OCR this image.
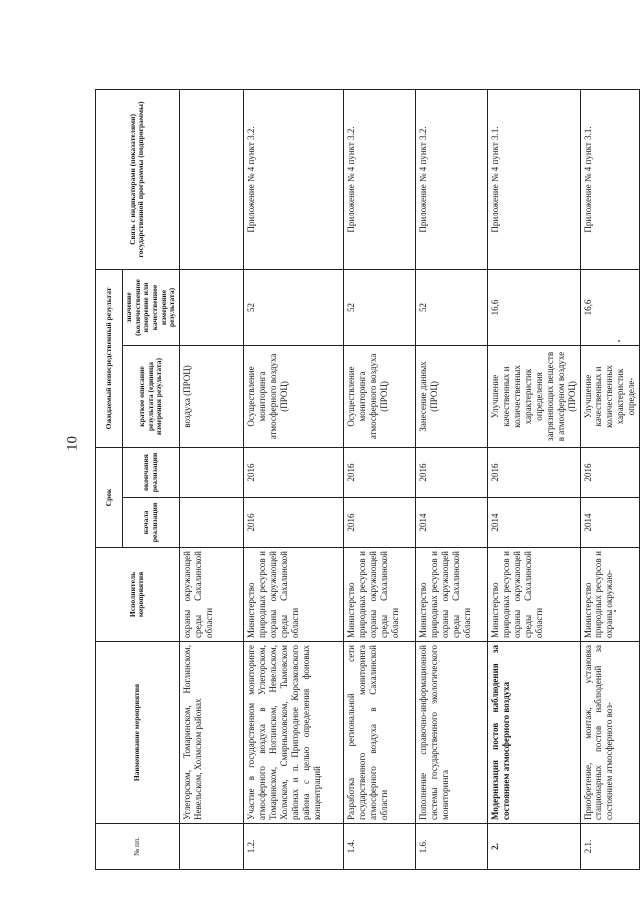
10
№ пп.	Наименование мероприятия	Исполнитель мероприятия	Срок		Ожидаемый непосредственный результат		Связь с индикаторами (показателями) государственной программы (подпрограммы)
			начала реализации	окончания реализации	краткое описание результата (единица измерения результата)	значение (количественное измерение или качественное измерение результата)	
	Углегорском, Томаринском, Ноглинском, Невельском, Холмском районах	охраны окружающей среды Сахалинской области			воздуха (ПРОЦ)		
1.2.	Участие в государственном мониторинге атмосферного воздуха в Углегорском, Томаринском, Ноглинском, Невельском, Холмском, Смирныховском, Тымовском районах и п. Пригородное Корсаковского района с целью определения фоновых концентраций	Министерство природных ресурсов и охраны окружающей среды Сахалинской области	2016	2016	Осуществление мониторинга атмосферного воздуха (ПРОЦ)	52	Приложение № 4 пункт 3.2.
1.4.	Разработка региональной сети государственного мониторинга атмосферного воздуха в Сахалинской области	Министерство природных ресурсов и охраны окружающей среды Сахалинской области	2016	2016	Осуществление мониторинга атмосферного воздуха (ПРОЦ)	52	Приложение № 4 пункт 3.2.
1.6.	Пополнение справочно-информационной системы государственного экологического мониторинга	Министерство природных ресурсов и охраны окружающей среды Сахалинской области	2014	2016	Занесение данных (ПРОЦ)	52	Приложение № 4 пункт 3.2.
2.	Модернизация постов наблюдения за состоянием атмосферного воздуха	Министерство природных ресурсов и охраны окружающей среды Сахалинской области	2014	2016	Улучшение качественных и количественных характеристик определения загрязняющих веществ в атмосферном воздухе (ПРОЦ)	16,6	Приложение № 4 пункт 3.1.
2.1.	Приобретение, монтаж, установка стационарных постов наблюдений за состоянием атмосферного воз-	Министерство природных ресурсов и охраны окружаю-	2014	2016	Улучшение качественных и количественных характеристик определе-	16,6	Приложение № 4 пункт 3.1.
